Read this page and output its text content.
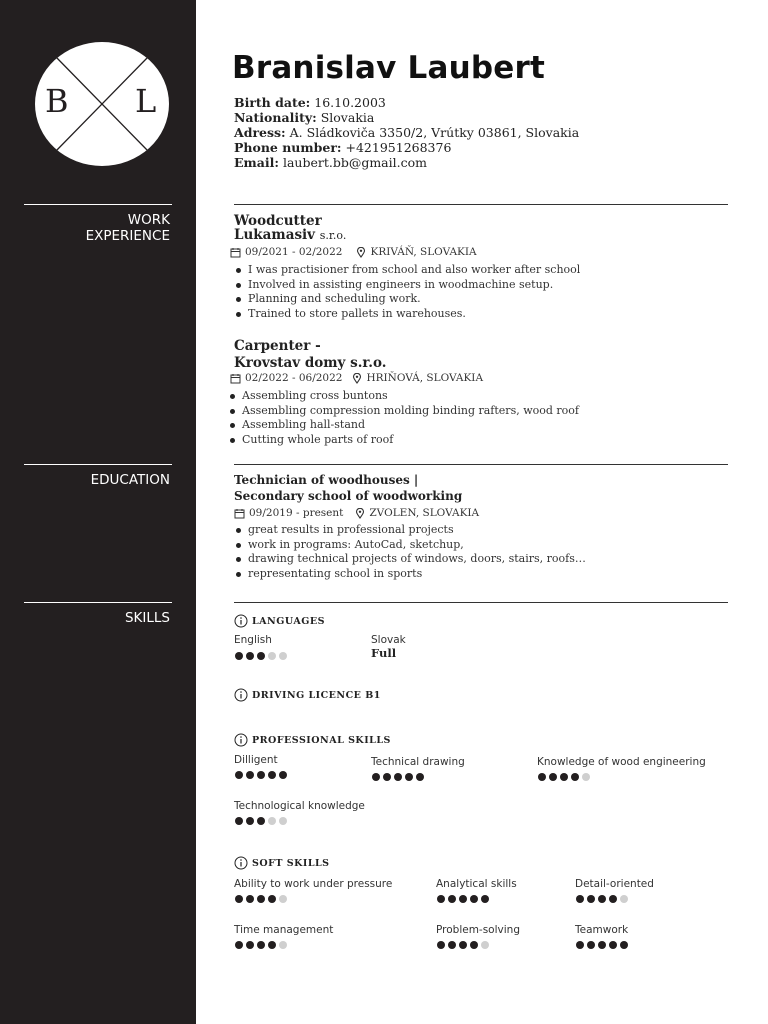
B L
WORK
EXPERIENCE
EDUCATION
SKILLS
Branislav Laubert
Birth date: 16.10.2003
Nationality: Slovakia
Adress: A. Sládkoviča 3350/2, Vrútky 03861, Slovakia
Phone number: +421951268376
Email: laubert.bb@gmail.com
Woodcutter
Lukamasiv s.r.o.
09/2021 - 02/2022	KRIVÁŇ, SLOVAKIA
I was practisioner from school and also worker after school
Involved in assisting engineers in woodmachine setup.
Planning and scheduling work.
Trained to store pallets in warehouses.
Carpenter -
Krovstav domy s.r.o.
02/2022 - 06/2022 HRIŇOVÁ, SLOVAKIA
Assembling cross buntons
Assembling compression molding binding rafters, wood roof
Assembling hall-stand
Cutting whole parts of roof
Technician of woodhouses |
Secondary school of woodworking
09/2019 - present ZVOLEN, SLOVAKIA
great results in professional projects
work in programs: AutoCad, sketchup,
drawing technical projects of windows, doors, stairs, roofs…
representating school in sports
LANGUAGES
English	Slovak
Full
DRIVING LICENCE B1
PROFESSIONAL SKILLS
Dilligent	Technical drawing	Knowledge of wood engineering
Technological knowledge
SOFT SKILLS
Ability to work under pressure	Analytical skills	Detail-oriented
Time management	Problem-solving	Teamwork
